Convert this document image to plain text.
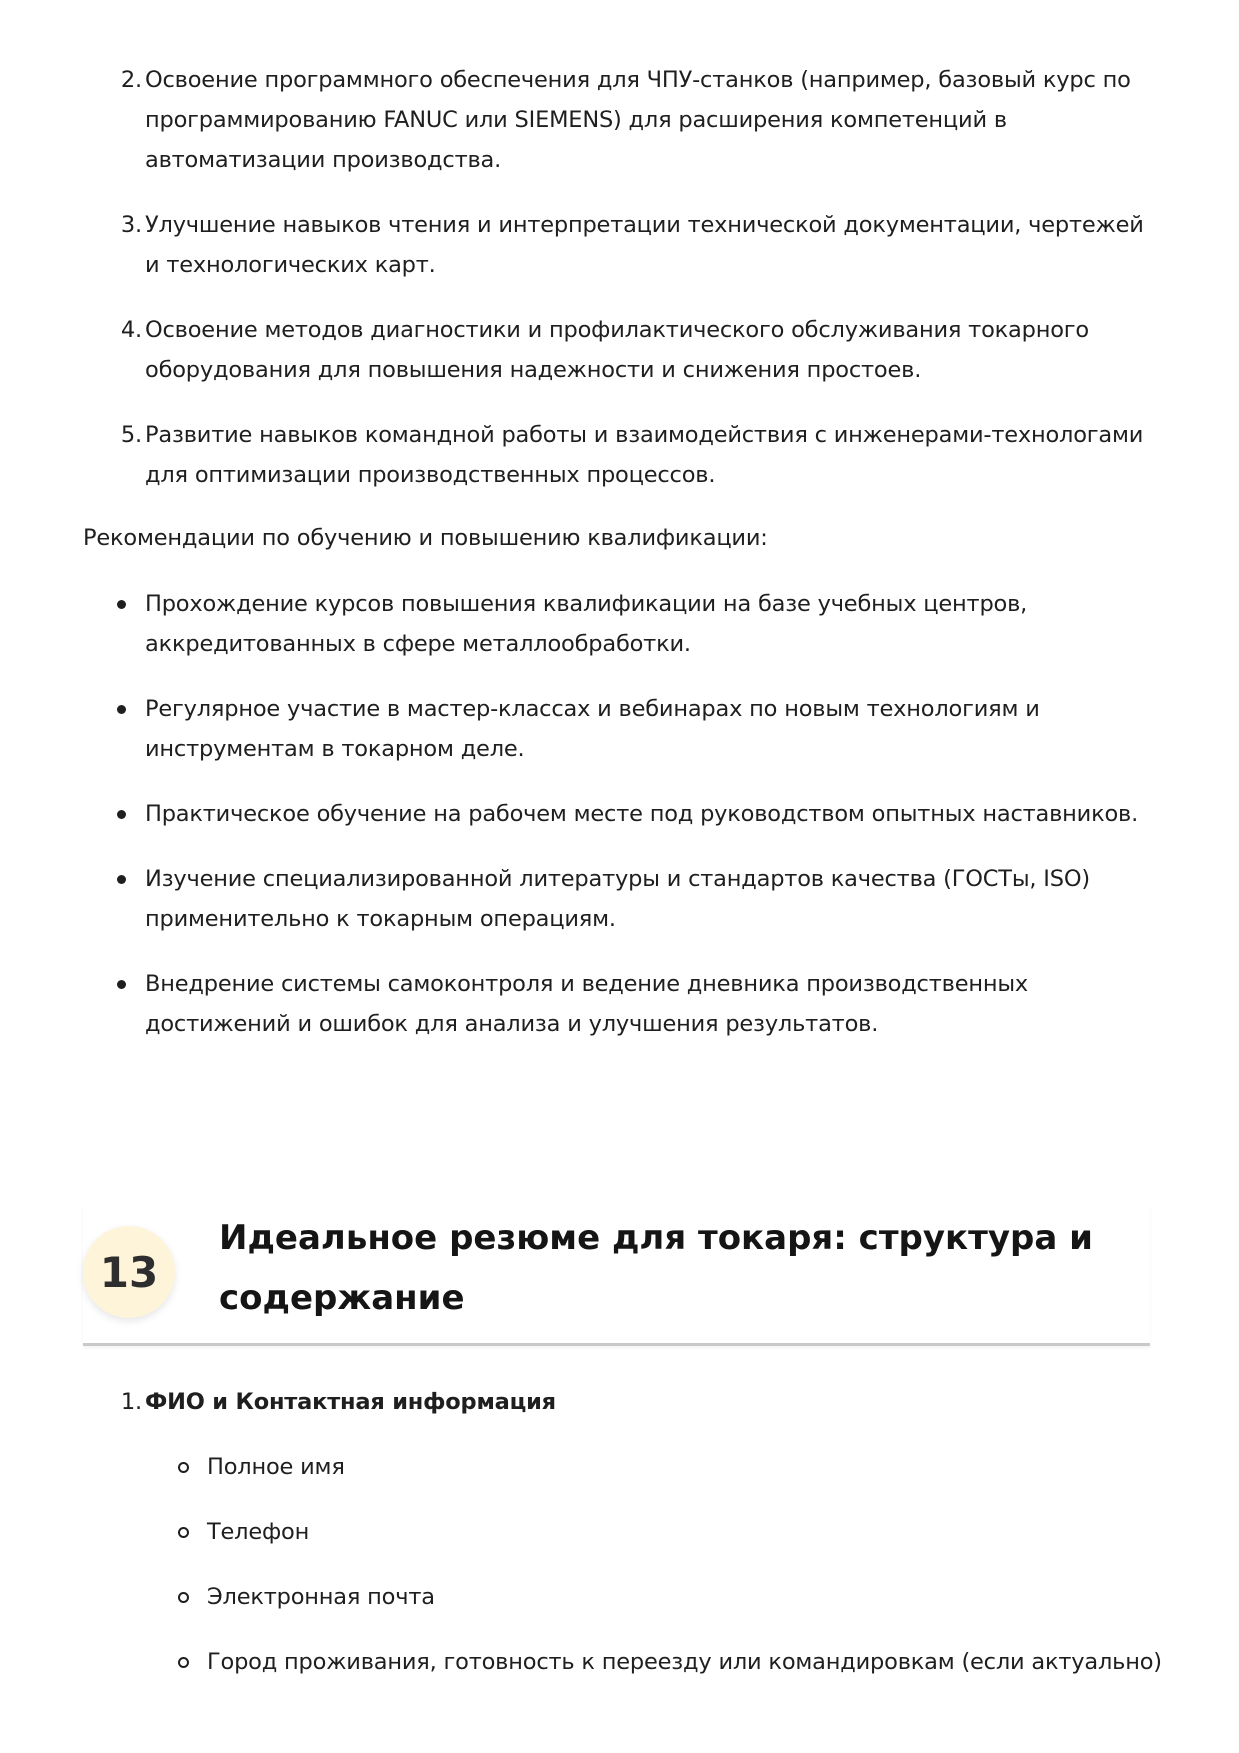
2. Освоение программного обеспечения для ЧПУ-станков (например, базовый курс по программированию FANUC или SIEMENS) для расширения компетенций в автоматизации производства.
3. Улучшение навыков чтения и интерпретации технической документации, чертежей и технологических карт.
4. Освоение методов диагностики и профилактического обслуживания токарного оборудования для повышения надежности и снижения простоев.
5. Развитие навыков командной работы и взаимодействия с инженерами-технологами для оптимизации производственных процессов.

Рекомендации по обучению и повышению квалификации:

Прохождение курсов повышения квалификации на базе учебных центров, аккредитованных в сфере металлообработки.
Регулярное участие в мастер-классах и вебинарах по новым технологиям и инструментам в токарном деле.
Практическое обучение на рабочем месте под руководством опытных наставников.
Изучение специализированной литературы и стандартов качества (ГОСТы, ISO) применительно к токарным операциям.
Внедрение системы самоконтроля и ведение дневника производственных достижений и ошибок для анализа и улучшения результатов.
13
Идеальное резюме для токаря: структура и содержание
1. ФИО и Контактная информация
Полное имя
Телефон
Электронная почта
Город проживания, готовность к переезду или командировкам (если актуально)
